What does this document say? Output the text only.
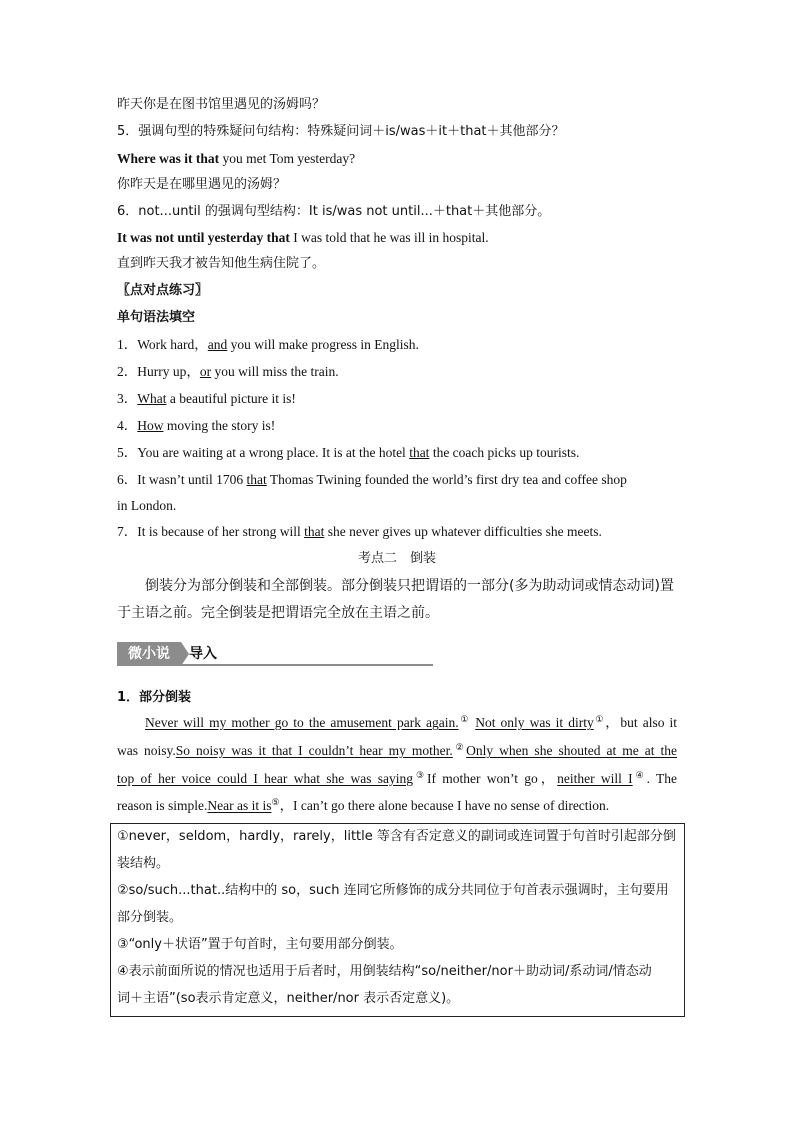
昨天你是在图书馆里遇见的汤姆吗？
5．强调句型的特殊疑问句结构：特殊疑问词＋is/was＋it＋that＋其他部分？
Where was it that you met Tom yesterday?
你昨天是在哪里遇见的汤姆？
6．not...until 的强调句型结构：It is/was not until...＋that＋其他部分。
It was not until yesterday that I was told that he was ill in hospital.
直到昨天我才被告知他生病住院了。
〖点对点练习〗
单句语法填空
1．Work hard，and you will make progress in English.
2．Hurry up，or you will miss the train.
3．What a beautiful picture it is!
4．How moving the story is!
5．You are waiting at a wrong place. It is at the hotel that the coach picks up tourists.
6．It wasn’t until 1706 that Thomas Twining founded the world’s first dry tea and coffee shop
in London.
7．It is because of her strong will that she never gives up whatever difficulties she meets.
考点二　倒装
倒装分为部分倒装和全部倒装。部分倒装只把谓语的一部分(多为助动词或情态动词)置
于主语之前。完全倒装是把谓语完全放在主语之前。
微小说	导入
1．部分倒装
Never will my mother go to the amusement park again.① Not only was it dirty①，but also it
was noisy.So noisy was it that I couldn’t hear my mother.②Only when she shouted at me at the
top of her voice could I hear what she was saying③If mother won’t go，neither will I④. The
reason is simple.Near as it is⑤，I can’t go there alone because I have no sense of direction.
①never，seldom，hardly，rarely，little 等含有否定意义的副词或连词置于句首时引起部分倒
装结构。
②so/such...that..结构中的 so，such 连同它所修饰的成分共同位于句首表示强调时，主句要用
部分倒装。
③“only＋状语”置于句首时，主句要用部分倒装。
④表示前面所说的情况也适用于后者时，用倒装结构“so/neither/nor＋助动词/系动词/情态动
词＋主语”(so表示肯定意义，neither/nor 表示否定意义)。
